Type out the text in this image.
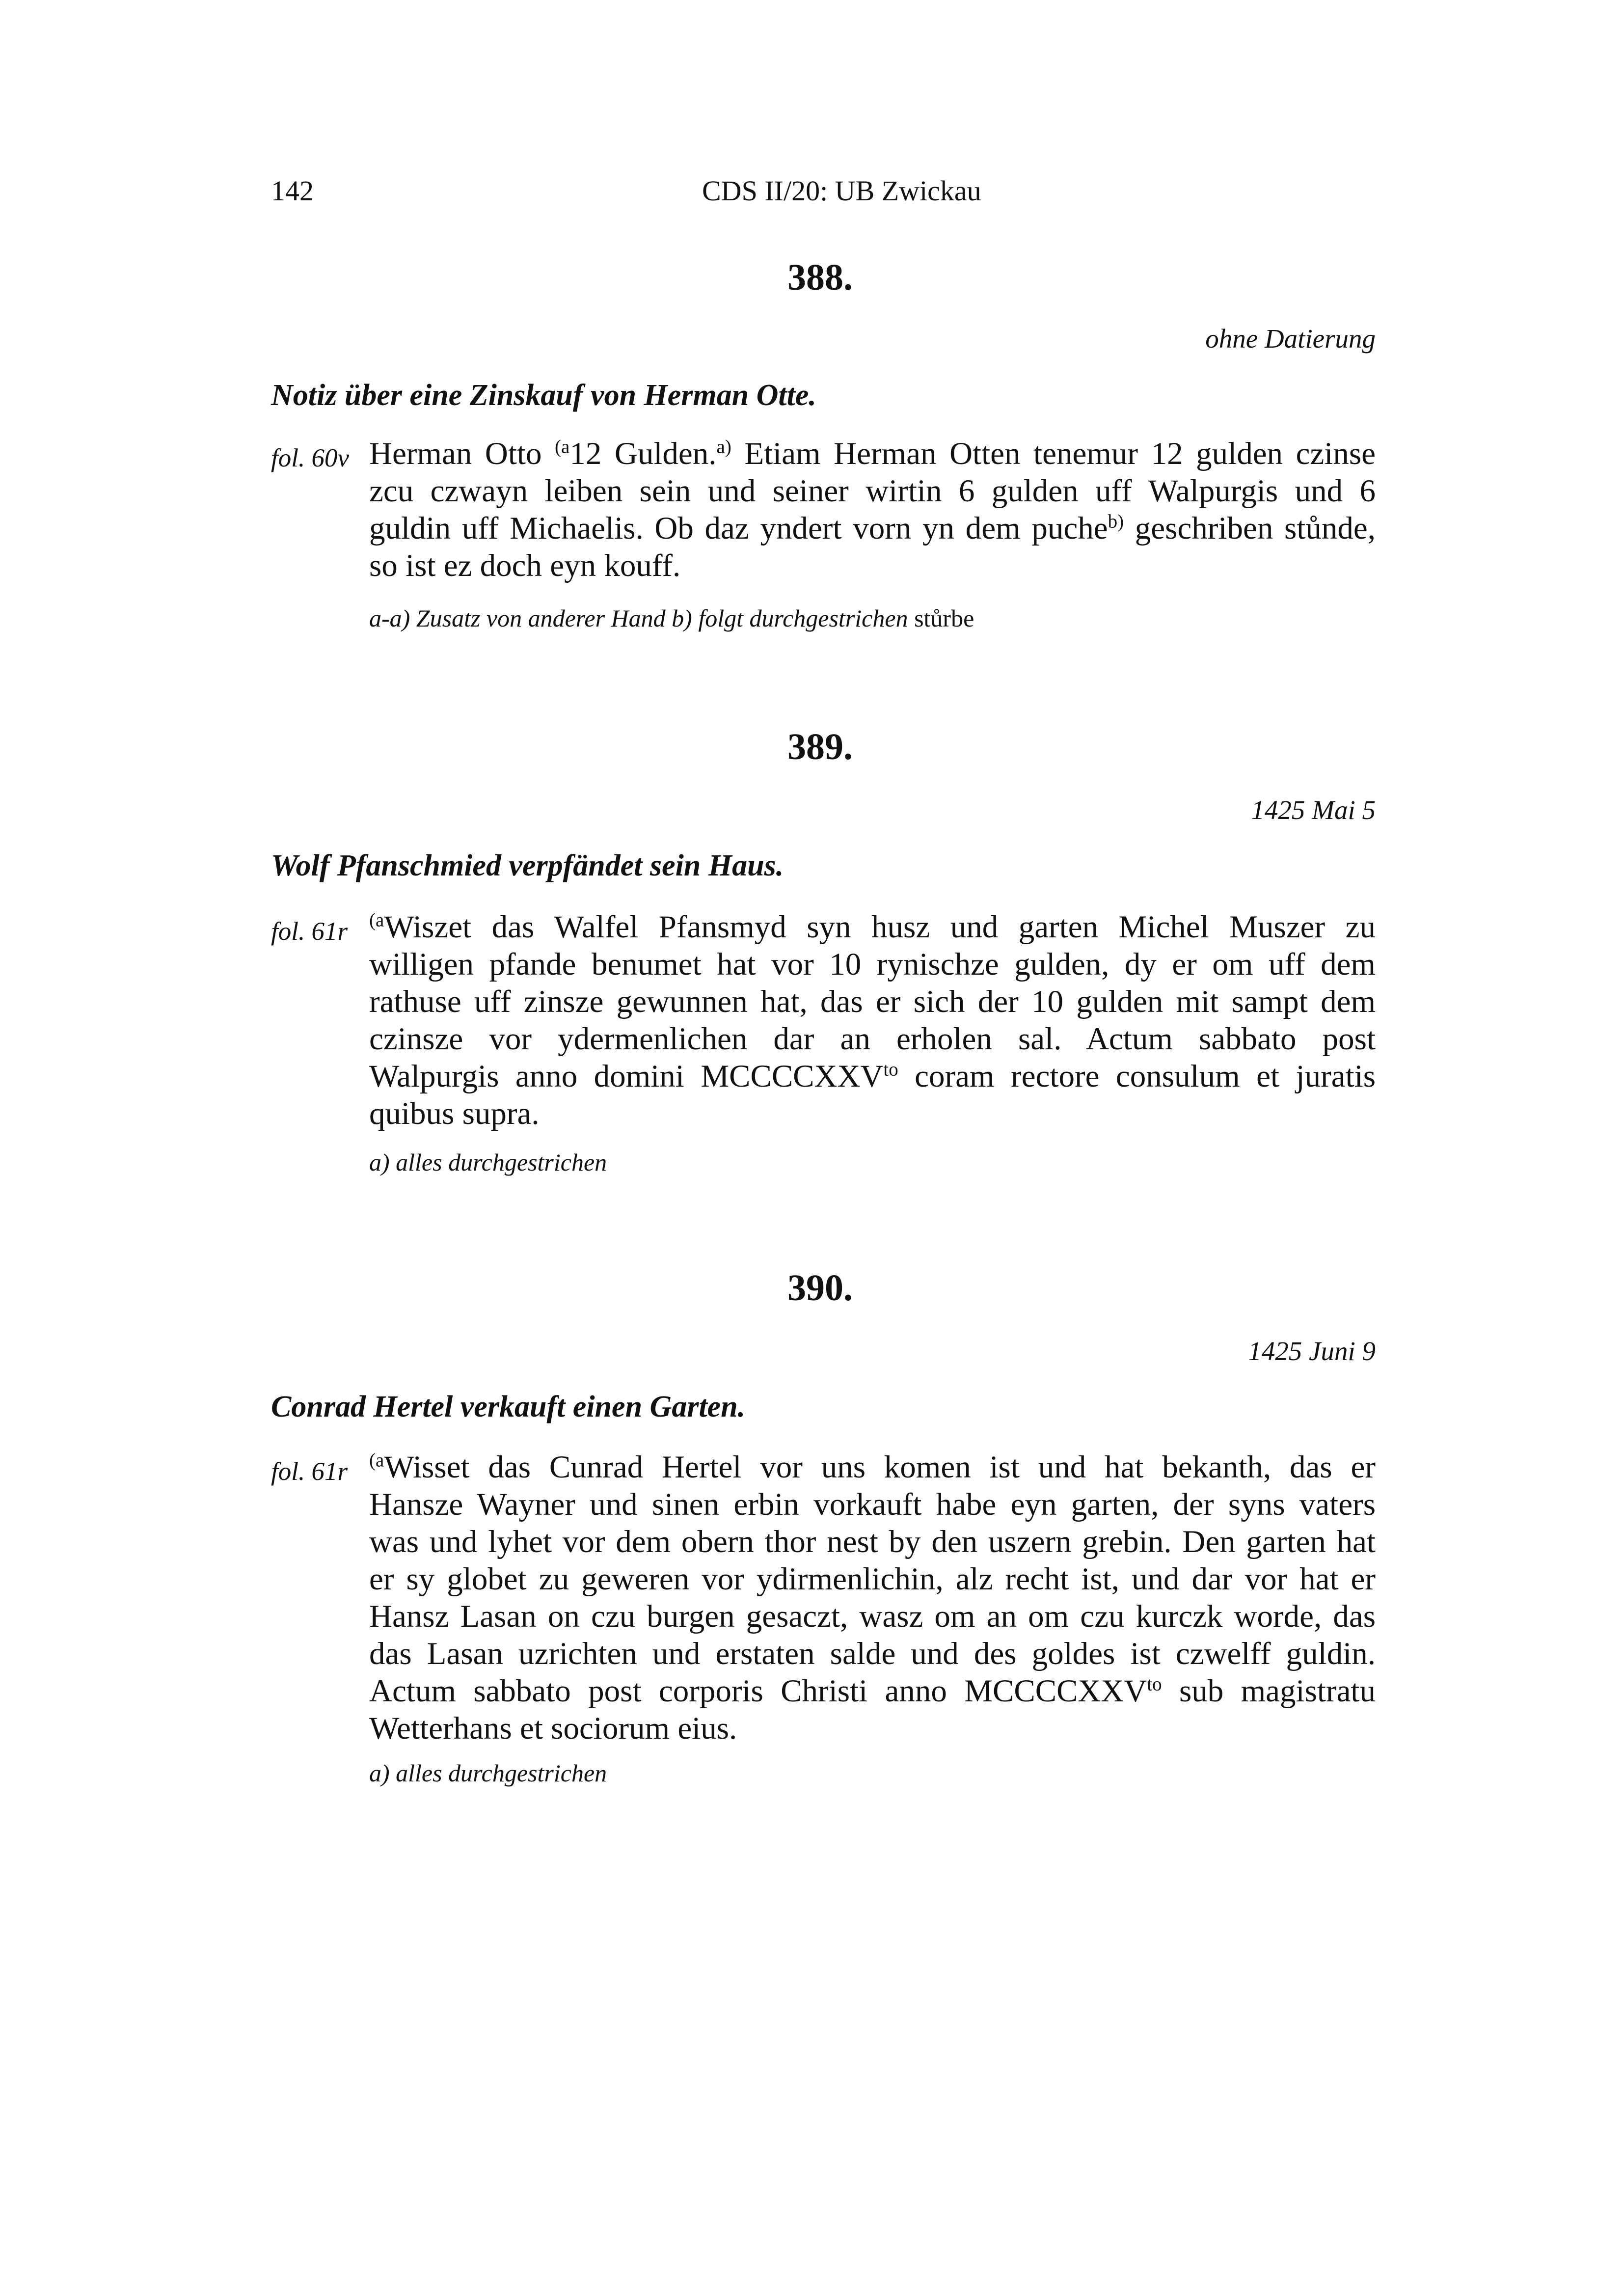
142	CDS II/20: UB Zwickau
388.
ohne Datierung
Notiz über eine Zinskauf von Herman Otte.
fol. 60v Herman Otto $^{(a}$12 Gulden.$^{a)}$ Etiam Herman Otten tenemur 12 gulden czinse
zcu czwayn leiben sein und seiner wirtin 6 gulden uff Walpurgis und 6
guldin uff Michaelis. Ob daz yndert vorn yn dem puche$^{b)}$ geschriben stůnde,
so ist ez doch eyn kouff.
a-a) Zusatz von anderer Hand b) folgt durchgestrichen stůrbe
389.
1425 Mai 5
Wolf Pfanschmied verpfändet sein Haus.
fol. 61r $^{(a}$Wiszet das Walfel Pfansmyd syn husz und garten Michel Muszer zu
willigen pfande benumet hat vor 10 rynischze gulden, dy er om uff dem
rathuse uff zinsze gewunnen hat, das er sich der 10 gulden mit sampt dem
czinsze vor ydermenlichen dar an erholen sal. Actum sabbato post
Walpurgis anno domini $MCCCCXXV^{to}$ coram rectore consulum et juratis
quibus supra.
a) alles durchgestrichen
390.
1425 Juni 9
Conrad Hertel verkauft einen Garten.
fol. 61r $^{(a}$Wisset das Cunrad Hertel vor uns komen ist und hat bekanth, das er
Hansze Wayner und sinen erbin vorkauft habe eyn garten, der syns vaters
was und lyhet vor dem obern thor nest by den uszern grebin. Den garten hat
er sy globet zu geweren vor ydirmenlichin, alz recht ist, und dar vor hat er
Hansz Lasan on czu burgen gesaczt, wasz om an om czu kurczk worde, das
das Lasan uzrichten und erstaten salde und des goldes ist czwelff guldin.
Actum sabbato post corporis Christi anno $MCCCCXXV^{to}$ sub magistratu
Wetterhans et sociorum eius.
a) alles durchgestrichen
